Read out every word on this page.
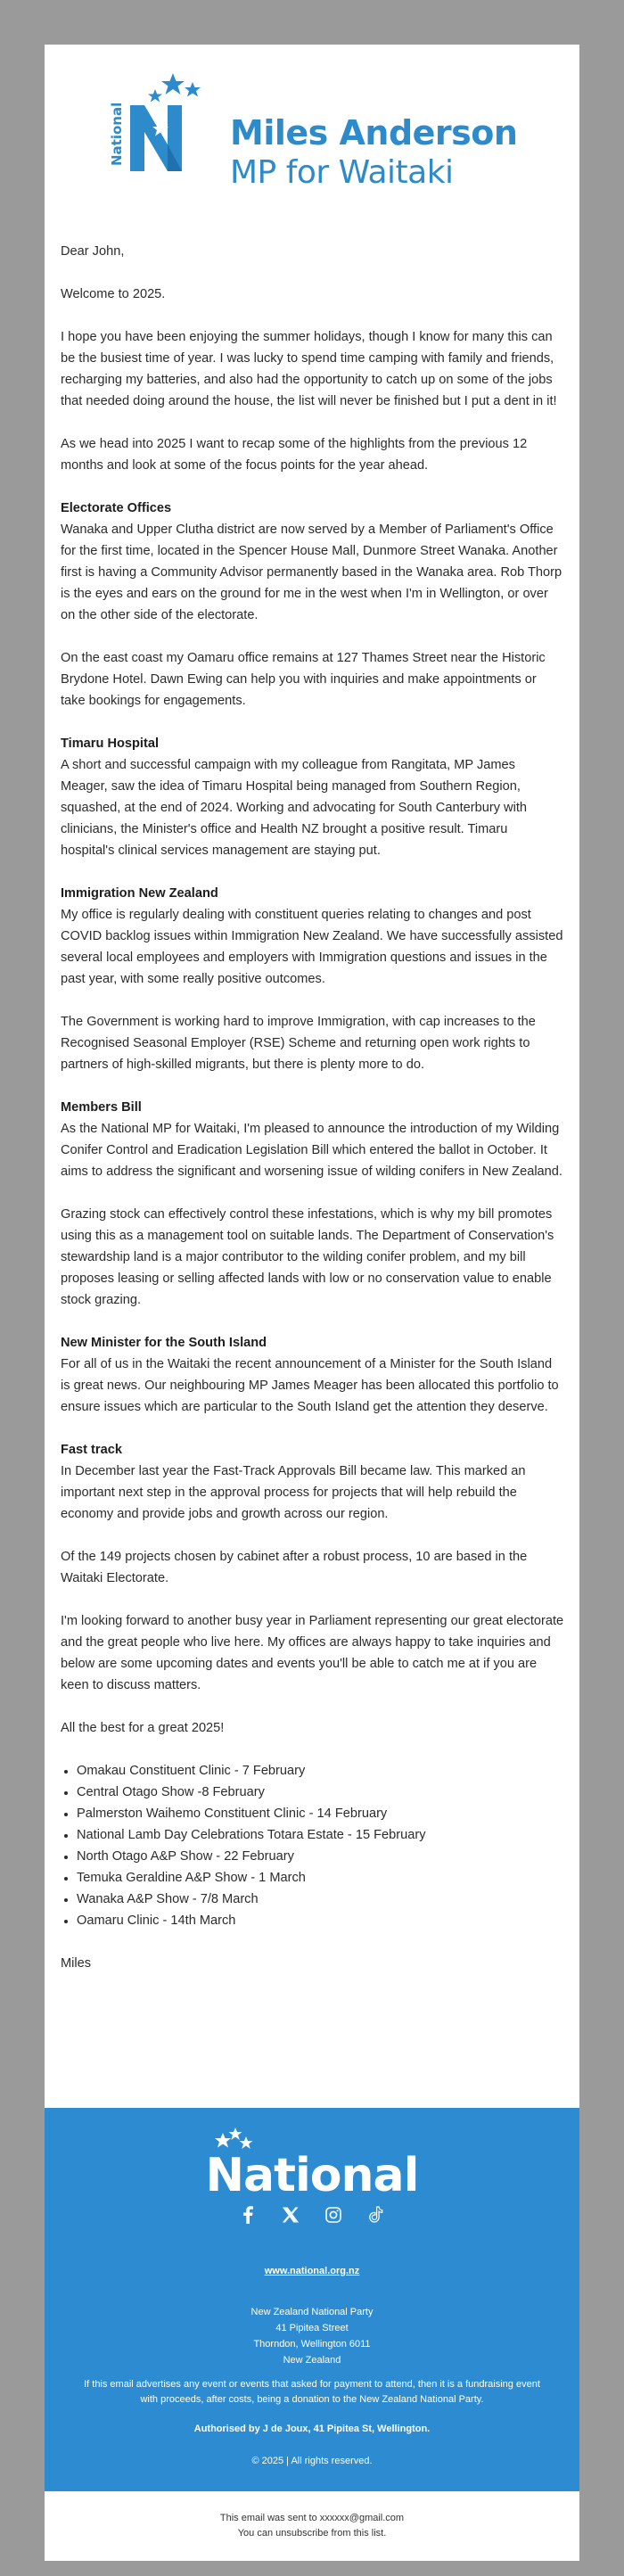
National	Miles Anderson
MP for Waitaki

Dear John,

Welcome to 2025.

I hope you have been enjoying the summer holidays, though I know for many this can be the busiest time of year. I was lucky to spend time camping with family and friends, recharging my batteries, and also had the opportunity to catch up on some of the jobs that needed doing around the house, the list will never be finished but I put a dent in it!

As we head into 2025 I want to recap some of the highlights from the previous 12 months and look at some of the focus points for the year ahead.

Electorate Offices
Wanaka and Upper Clutha district are now served by a Member of Parliament's Office for the first time, located in the Spencer House Mall, Dunmore Street Wanaka. Another first is having a Community Advisor permanently based in the Wanaka area. Rob Thorp is the eyes and ears on the ground for me in the west when I'm in Wellington, or over on the other side of the electorate.

On the east coast my Oamaru office remains at 127 Thames Street near the Historic Brydone Hotel. Dawn Ewing can help you with inquiries and make appointments or take bookings for engagements.

Timaru Hospital
A short and successful campaign with my colleague from Rangitata, MP James Meager, saw the idea of Timaru Hospital being managed from Southern Region, squashed, at the end of 2024. Working and advocating for South Canterbury with clinicians, the Minister's office and Health NZ brought a positive result. Timaru hospital's clinical services management are staying put.

Immigration New Zealand
My office is regularly dealing with constituent queries relating to changes and post COVID backlog issues within Immigration New Zealand. We have successfully assisted several local employees and employers with Immigration questions and issues in the past year, with some really positive outcomes.

The Government is working hard to improve Immigration, with cap increases to the Recognised Seasonal Employer (RSE) Scheme and returning open work rights to partners of high-skilled migrants, but there is plenty more to do.

Members Bill
As the National MP for Waitaki, I'm pleased to announce the introduction of my Wilding Conifer Control and Eradication Legislation Bill which entered the ballot in October. It aims to address the significant and worsening issue of wilding conifers in New Zealand.

Grazing stock can effectively control these infestations, which is why my bill promotes using this as a management tool on suitable lands. The Department of Conservation's stewardship land is a major contributor to the wilding conifer problem, and my bill proposes leasing or selling affected lands with low or no conservation value to enable stock grazing.

New Minister for the South Island
For all of us in the Waitaki the recent announcement of a Minister for the South Island is great news. Our neighbouring MP James Meager has been allocated this portfolio to ensure issues which are particular to the South Island get the attention they deserve.

Fast track
In December last year the Fast-Track Approvals Bill became law. This marked an important next step in the approval process for projects that will help rebuild the economy and provide jobs and growth across our region.

Of the 149 projects chosen by cabinet after a robust process, 10 are based in the Waitaki Electorate.

I'm looking forward to another busy year in Parliament representing our great electorate and the great people who live here. My offices are always happy to take inquiries and below are some upcoming dates and events you'll be able to catch me at if you are keen to discuss matters.

All the best for a great 2025!

• Omakau Constituent Clinic - 7 February
• Central Otago Show -8 February
• Palmerston Waihemo Constituent Clinic - 14 February
• National Lamb Day Celebrations Totara Estate - 15 February
• North Otago A&P Show - 22 February
• Temuka Geraldine A&P Show - 1 March
• Wanaka A&P Show - 7/8 March
• Oamaru Clinic - 14th March

Miles

National
www.national.org.nz
New Zealand National Party
41 Pipitea Street
Thorndon, Wellington 6011
New Zealand
If this email advertises any event or events that asked for payment to attend, then it is a fundraising event with proceeds, after costs, being a donation to the New Zealand National Party.
Authorised by J de Joux, 41 Pipitea St, Wellington.
© 2025 | All rights reserved.
This email was sent to xxxxxx@gmail.com
You can unsubscribe from this list.
